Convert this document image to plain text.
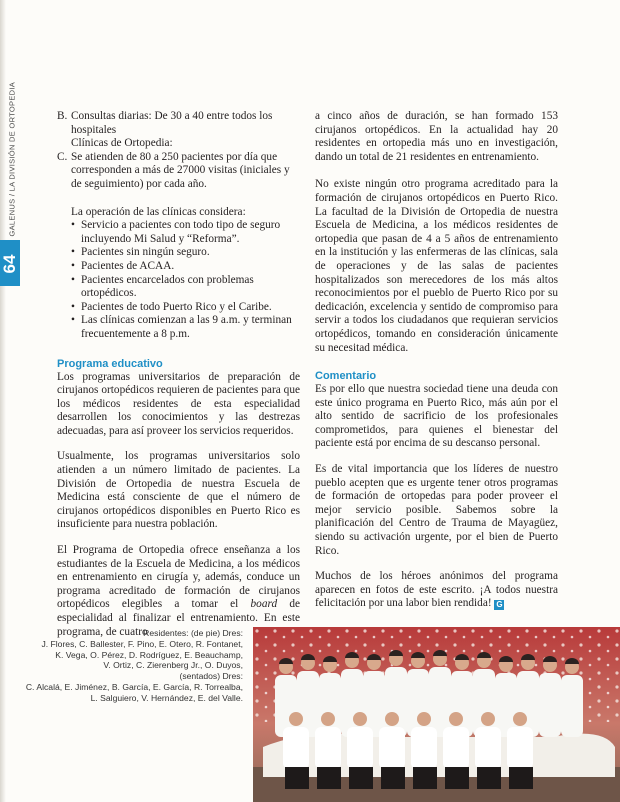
GALENUS / LA DIVISIÓN DE ORTOPEDIA
64
B. Consultas diarias: De 30 a 40 entre todos los hospitales
Clínicas de Ortopedia:
C. Se atienden de 80 a 250 pacientes por día que corresponden a más de 27000 visitas (iniciales y de seguimiento) por cada año.
La operación de las clínicas considera:
• Servicio a pacientes con todo tipo de seguro incluyendo Mi Salud y “Reforma”.
• Pacientes sin ningún seguro.
• Pacientes de ACAA.
• Pacientes encarcelados con problemas ortopédicos.
• Pacientes de todo Puerto Rico y el Caribe.
• Las clínicas comienzan a las 9 a.m. y terminan frecuentemente a 8 p.m.
Programa educativo

Los programas universitarios de preparación de cirujanos ortopédicos requieren de pacientes para que los médicos residentes de esta especialidad desarrollen los conocimientos y las destrezas adecuadas, para así proveer los servicios requeridos.

Usualmente, los programas universitarios solo atienden a un número limitado de pacientes. La División de Ortopedia de nuestra Escuela de Medicina está consciente de que el número de cirujanos ortopédicos disponibles en Puerto Rico es insuficiente para nuestra población.

El Programa de Ortopedia ofrece enseñanza a los estudiantes de la Escuela de Medicina, a los médicos en entrenamiento en cirugía y, además, conduce un programa acreditado de formación de cirujanos ortopédicos elegibles a tomar el board de especialidad al finalizar el entrenamiento. En este programa, de cuatro

a cinco años de duración, se han formado 153 cirujanos ortopédicos. En la actualidad hay 20 residentes en ortopedia más uno en investigación, dando un total de 21 residentes en entrenamiento.

No existe ningún otro programa acreditado para la formación de cirujanos ortopédicos en Puerto Rico. La facultad de la División de Ortopedia de nuestra Escuela de Medicina, a los médicos residentes de ortopedia que pasan de 4 a 5 años de entrenamiento en la institución y las enfermeras de las clínicas, sala de operaciones y de las salas de pacientes hospitalizados son merecedores de los más altos reconocimientos por el pueblo de Puerto Rico por su dedicación, excelencia y sentido de compromiso para servir a todos los ciudadanos que requieran servicios ortopédicos, tomando en consideración únicamente su necesitad médica.

Comentario

Es por ello que nuestra sociedad tiene una deuda con este único programa en Puerto Rico, más aún por el alto sentido de sacrificio de los profesionales comprometidos, para quienes el bienestar del paciente está por encima de su descanso personal.

Es de vital importancia que los líderes de nuestro pueblo acepten que es urgente tener otros programas de formación de ortopedas para poder proveer el mejor servicio posible. Sabemos sobre la planificación del Centro de Trauma de Mayagüez, siendo su activación urgente, por el bien de Puerto Rico.

Muchos de los héroes anónimos del programa aparecen en fotos de este escrito. ¡A todos nuestra felicitación por una labor bien rendida! G

Residentes: (de pie) Dres:
J. Flores, C. Ballester, F. Pino, E. Otero, R. Fontanet,
K. Vega, O. Pérez, D. Rodríguez, E. Beauchamp,
V. Ortiz, C. Zierenberg Jr., O. Duyos,
(sentados) Dres:
C. Alcalá, E. Jiménez, B. García, E. García, R. Torrealba,
L. Salguiero, V. Hernández, E. del Valle.
